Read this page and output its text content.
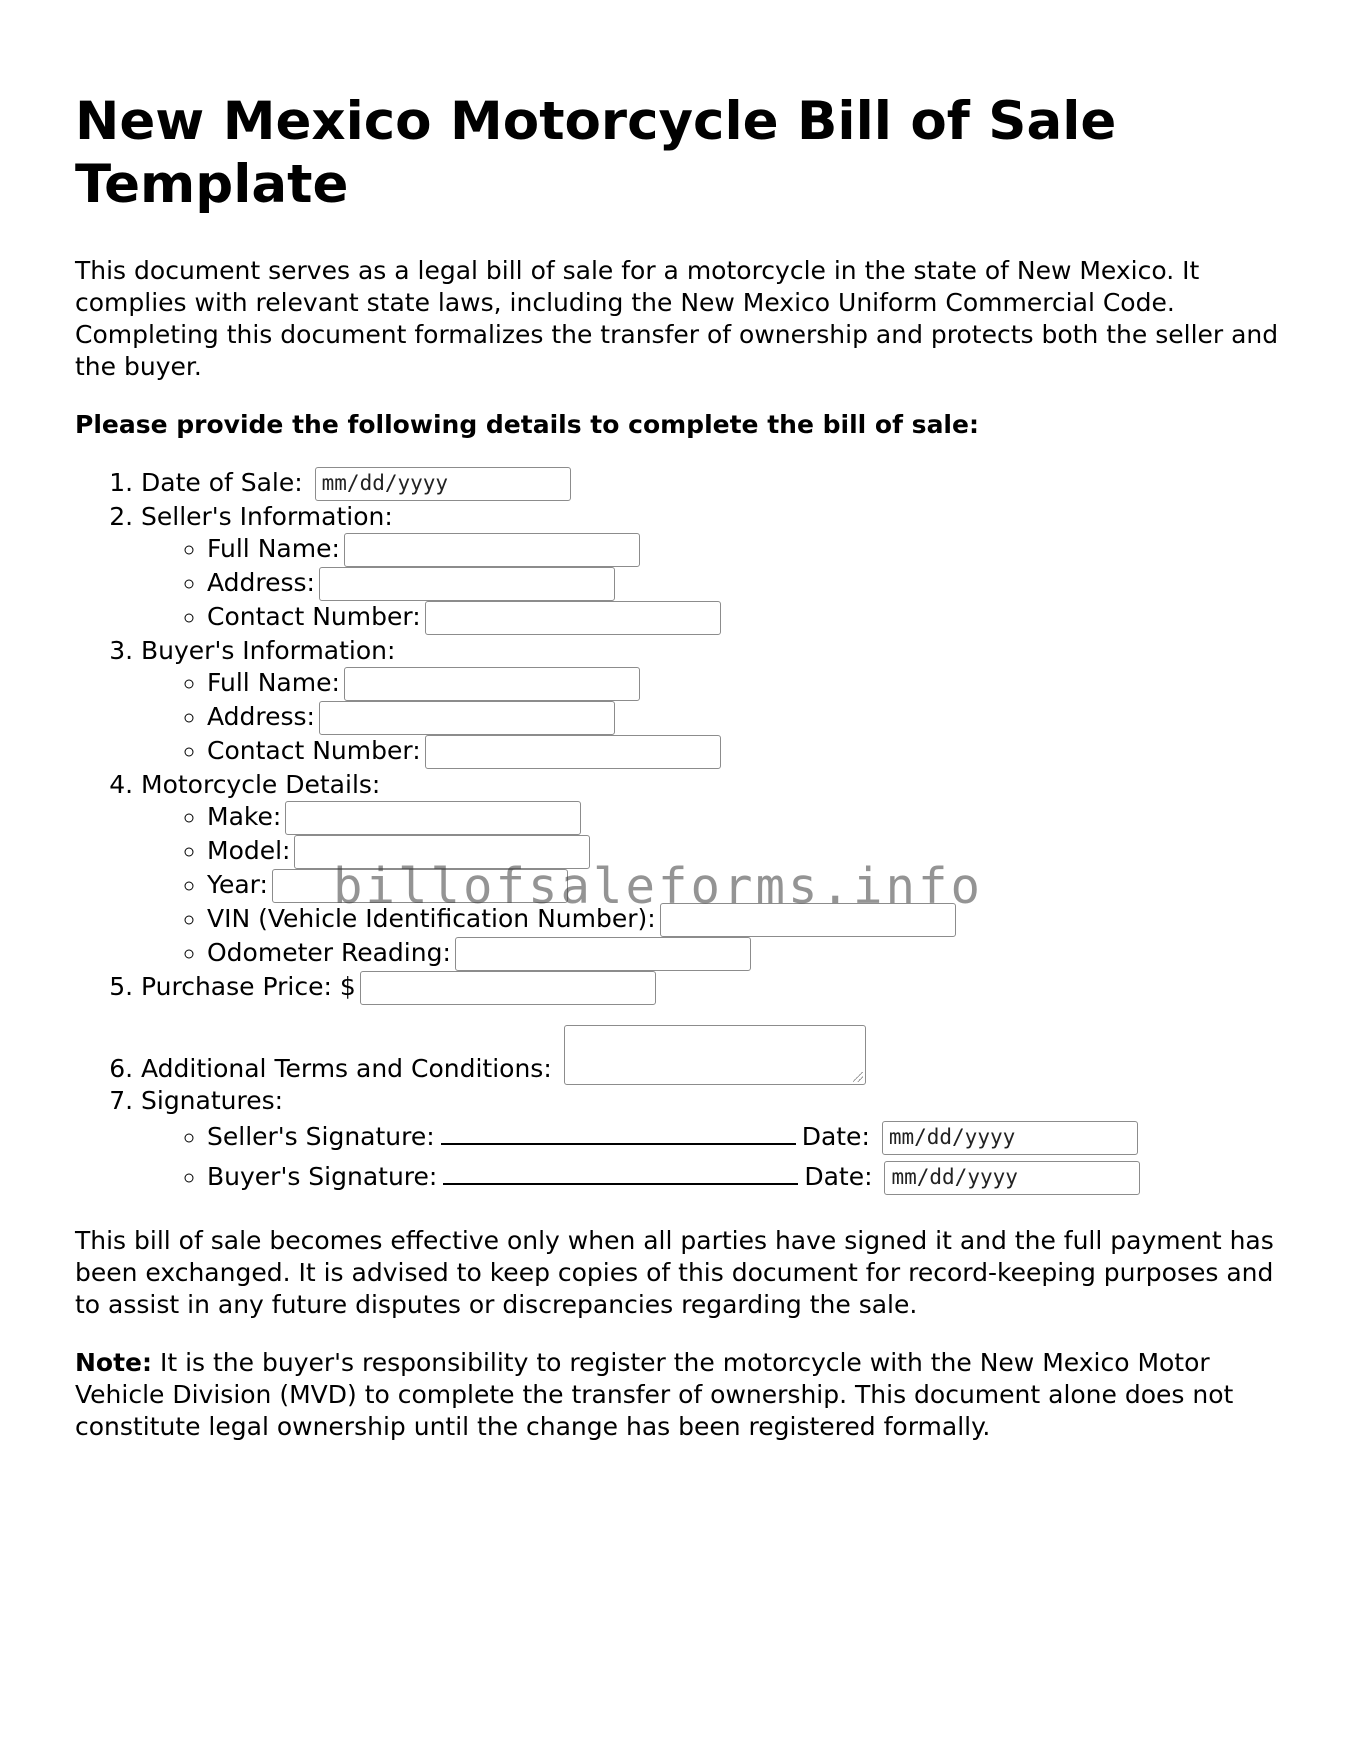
New Mexico Motorcycle Bill of Sale Template

This document serves as a legal bill of sale for a motorcycle in the state of New Mexico. It complies with relevant state laws, including the New Mexico Uniform Commercial Code. Completing this document formalizes the transfer of ownership and protects both the seller and the buyer.

Please provide the following details to complete the bill of sale:

1. Date of Sale: mm/dd/yyyy
2. Seller's Information:
◦ Full Name:
◦ Address:
◦ Contact Number:
3. Buyer's Information:
◦ Full Name:
◦ Address:
◦ Contact Number:
4. Motorcycle Details:
◦ Make:
◦ Model:
◦ Year:
◦ VIN (Vehicle Identification Number):
◦ Odometer Reading:
5. Purchase Price: $
6. Additional Terms and Conditions:
7. Signatures:
◦ Seller's Signature:	Date: mm/dd/yyyy
◦ Buyer's Signature:	Date: mm/dd/yyyy

This bill of sale becomes effective only when all parties have signed it and the full payment has been exchanged. It is advised to keep copies of this document for record-keeping purposes and to assist in any future disputes or discrepancies regarding the sale.

Note: It is the buyer's responsibility to register the motorcycle with the New Mexico Motor Vehicle Division (MVD) to complete the transfer of ownership. This document alone does not constitute legal ownership until the change has been registered formally.

billofsaleforms.info
